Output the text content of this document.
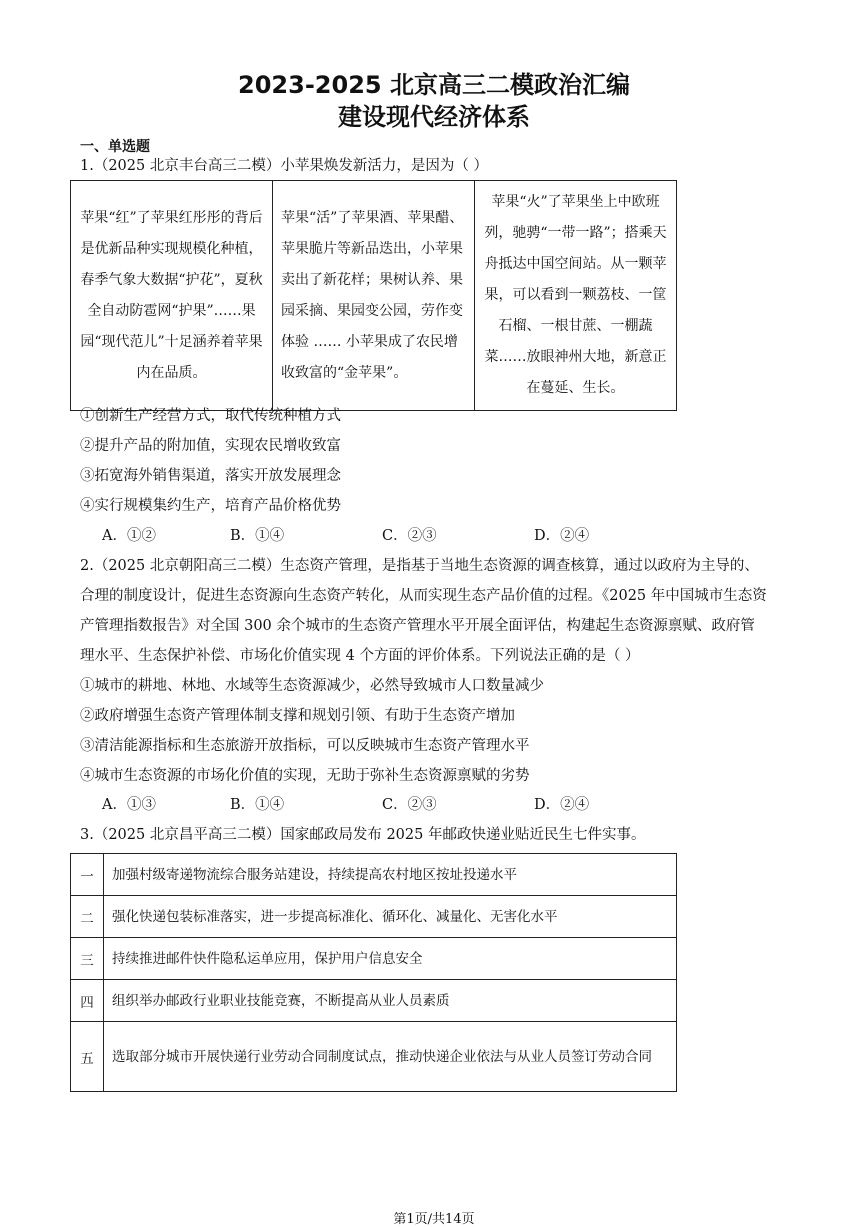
2023-2025 北京高三二模政治汇编
建设现代经济体系
一、单选题
1.（2025 北京丰台高三二模）小苹果焕发新活力，是因为（ ）
苹果“红”了苹果红彤彤的背后是优新品种实现规模化种植，春季气象大数据“护花”，夏秋全自动防雹网“护果”……果园“现代范儿”十足涵养着苹果内在品质。	苹果“活”了苹果酒、苹果醋、苹果脆片等新品迭出，小苹果卖出了新花样；果树认养、果园采摘、果园变公园，劳作变体验 …… 小苹果成了农民增收致富的“金苹果”。	苹果“火”了苹果坐上中欧班列，驰骋“一带一路”；搭乘天舟抵达中国空间站。从一颗苹果，可以看到一颗荔枝、一筐石榴、一根甘蔗、一棚蔬菜……放眼神州大地，新意正在蔓延、生长。
①创新生产经营方式，取代传统种植方式
②提升产品的附加值，实现农民增收致富
③拓宽海外销售渠道，落实开放发展理念
④实行规模集约生产，培育产品价格优势
A．①②	B．①④	C．②③	D．②④
2.（2025 北京朝阳高三二模）生态资产管理，是指基于当地生态资源的调查核算，通过以政府为主导的、
合理的制度设计，促进生态资源向生态资产转化，从而实现生态产品价值的过程。《2025 年中国城市生态资
产管理指数报告》对全国 300 余个城市的生态资产管理水平开展全面评估，构建起生态资源禀赋、政府管
理水平、生态保护补偿、市场化价值实现 4 个方面的评价体系。下列说法正确的是（ ）
①城市的耕地、林地、水域等生态资源减少，必然导致城市人口数量减少
②政府增强生态资产管理体制支撑和规划引领、有助于生态资产增加
③清洁能源指标和生态旅游开放指标，可以反映城市生态资产管理水平
④城市生态资源的市场化价值的实现，无助于弥补生态资源禀赋的劣势
A．①③	B．①④	C．②③	D．②④
3.（2025 北京昌平高三二模）国家邮政局发布 2025 年邮政快递业贴近民生七件实事。
一	加强村级寄递物流综合服务站建设，持续提高农村地区按址投递水平
二	强化快递包装标准落实，进一步提高标准化、循环化、减量化、无害化水平
三	持续推进邮件快件隐私运单应用，保护用户信息安全
四	组织举办邮政行业职业技能竞赛，不断提高从业人员素质
五	选取部分城市开展快递行业劳动合同制度试点，推动快递企业依法与从业人员签订劳动合同
第1页/共14页
